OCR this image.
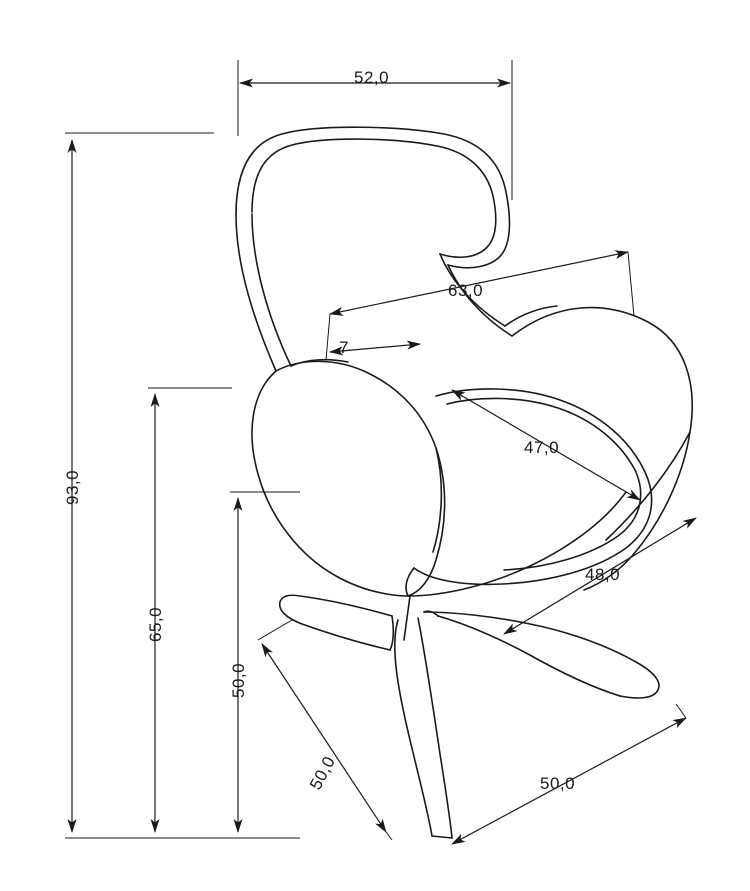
52,0
93,0
65,0
50,0
63,0
7
47,0
48,0
50,0	50,0
